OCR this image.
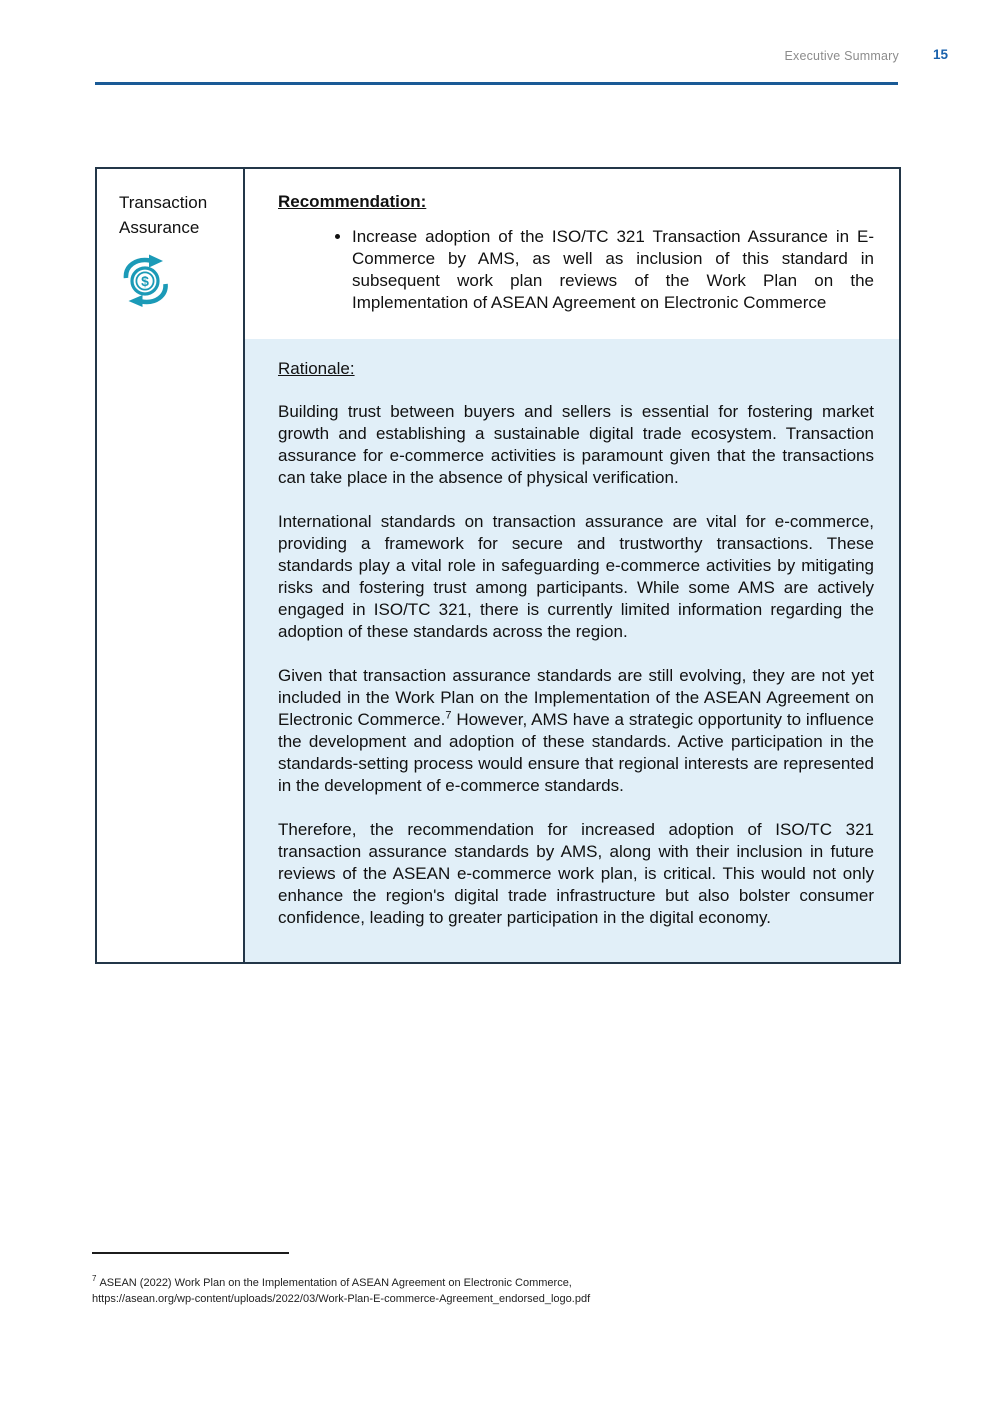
Executive Summary	15
Transaction Assurance
$
Recommendation:
• Increase adoption of the ISO/TC 321 Transaction Assurance in E-Commerce by AMS, as well as inclusion of this standard in subsequent work plan reviews of the Work Plan on the Implementation of ASEAN Agreement on Electronic Commerce
Rationale:

Building trust between buyers and sellers is essential for fostering market growth and establishing a sustainable digital trade ecosystem. Transaction assurance for e-commerce activities is paramount given that the transactions can take place in the absence of physical verification.

International standards on transaction assurance are vital for e-commerce, providing a framework for secure and trustworthy transactions. These standards play a vital role in safeguarding e-commerce activities by mitigating risks and fostering trust among participants. While some AMS are actively engaged in ISO/TC 321, there is currently limited information regarding the adoption of these standards across the region.

Given that transaction assurance standards are still evolving, they are not yet included in the Work Plan on the Implementation of the ASEAN Agreement on Electronic Commerce.$^7$ However, AMS have a strategic opportunity to influence the development and adoption of these standards. Active participation in the standards-setting process would ensure that regional interests are represented in the development of e-commerce standards.

Therefore, the recommendation for increased adoption of ISO/TC 321 transaction assurance standards by AMS, along with their inclusion in future reviews of the ASEAN e-commerce work plan, is critical. This would not only enhance the region's digital trade infrastructure but also bolster consumer confidence, leading to greater participation in the digital economy.

$^7$ ASEAN (2022) Work Plan on the Implementation of ASEAN Agreement on Electronic Commerce,
https://asean.org/wp-content/uploads/2022/03/Work-Plan-E-commerce-Agreement_endorsed_logo.pdf
